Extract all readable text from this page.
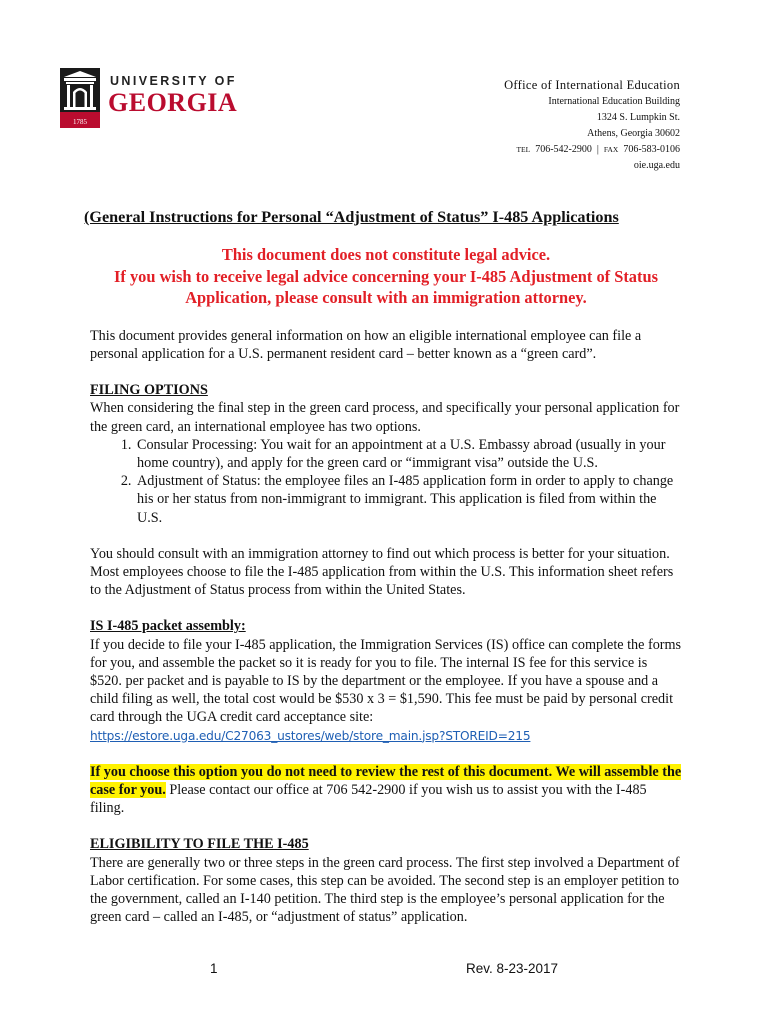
1785
UNIVERSITY OF
GEORGIA
Office of International Education
International Education Building
1324 S. Lumpkin St.
Athens, Georgia 30602
TEL 706-542-2900 | FAX 706-583-0106
oie.uga.edu
(General Instructions for Personal “Adjustment of Status” I-485 Applications
This document does not constitute legal advice.
If you wish to receive legal advice concerning your I-485 Adjustment of Status Application, please consult with an immigration attorney.

This document provides general information on how an eligible international employee can file a personal application for a U.S. permanent resident card – better known as a “green card”.

FILING OPTIONS

When considering the final step in the green card process, and specifically your personal application for the green card, an international employee has two options.

1. Consular Processing: You wait for an appointment at a U.S. Embassy abroad (usually in your home country), and apply for the green card or “immigrant visa” outside the U.S.
2. Adjustment of Status: the employee files an I-485 application form in order to apply to change his or her status from non-immigrant to immigrant. This application is filed from within the U.S.

You should consult with an immigration attorney to find out which process is better for your situation. Most employees choose to file the I-485 application from within the U.S. This information sheet refers to the Adjustment of Status process from within the United States.

IS I-485 packet assembly:

If you decide to file your I-485 application, the Immigration Services (IS) office can complete the forms for you, and assemble the packet so it is ready for you to file. The internal IS fee for this service is $520. per packet and is payable to IS by the department or the employee. If you have a spouse and a child filing as well, the total cost would be $530 x 3 = $1,590. This fee must be paid by personal credit card through the UGA credit card acceptance site:

https://estore.uga.edu/C27063_ustores/web/store_main.jsp?STOREID=215

If you choose this option you do not need to review the rest of this document. We will assemble the case for you. Please contact our office at 706 542-2900 if you wish us to assist you with the I-485 filing.

ELIGIBILITY TO FILE THE I-485

There are generally two or three steps in the green card process. The first step involved a Department of Labor certification. For some cases, this step can be avoided. The second step is an employer petition to the government, called an I-140 petition. The third step is the employee’s personal application for the green card – called an I-485, or “adjustment of status” application.

1	Rev. 8-23-2017
